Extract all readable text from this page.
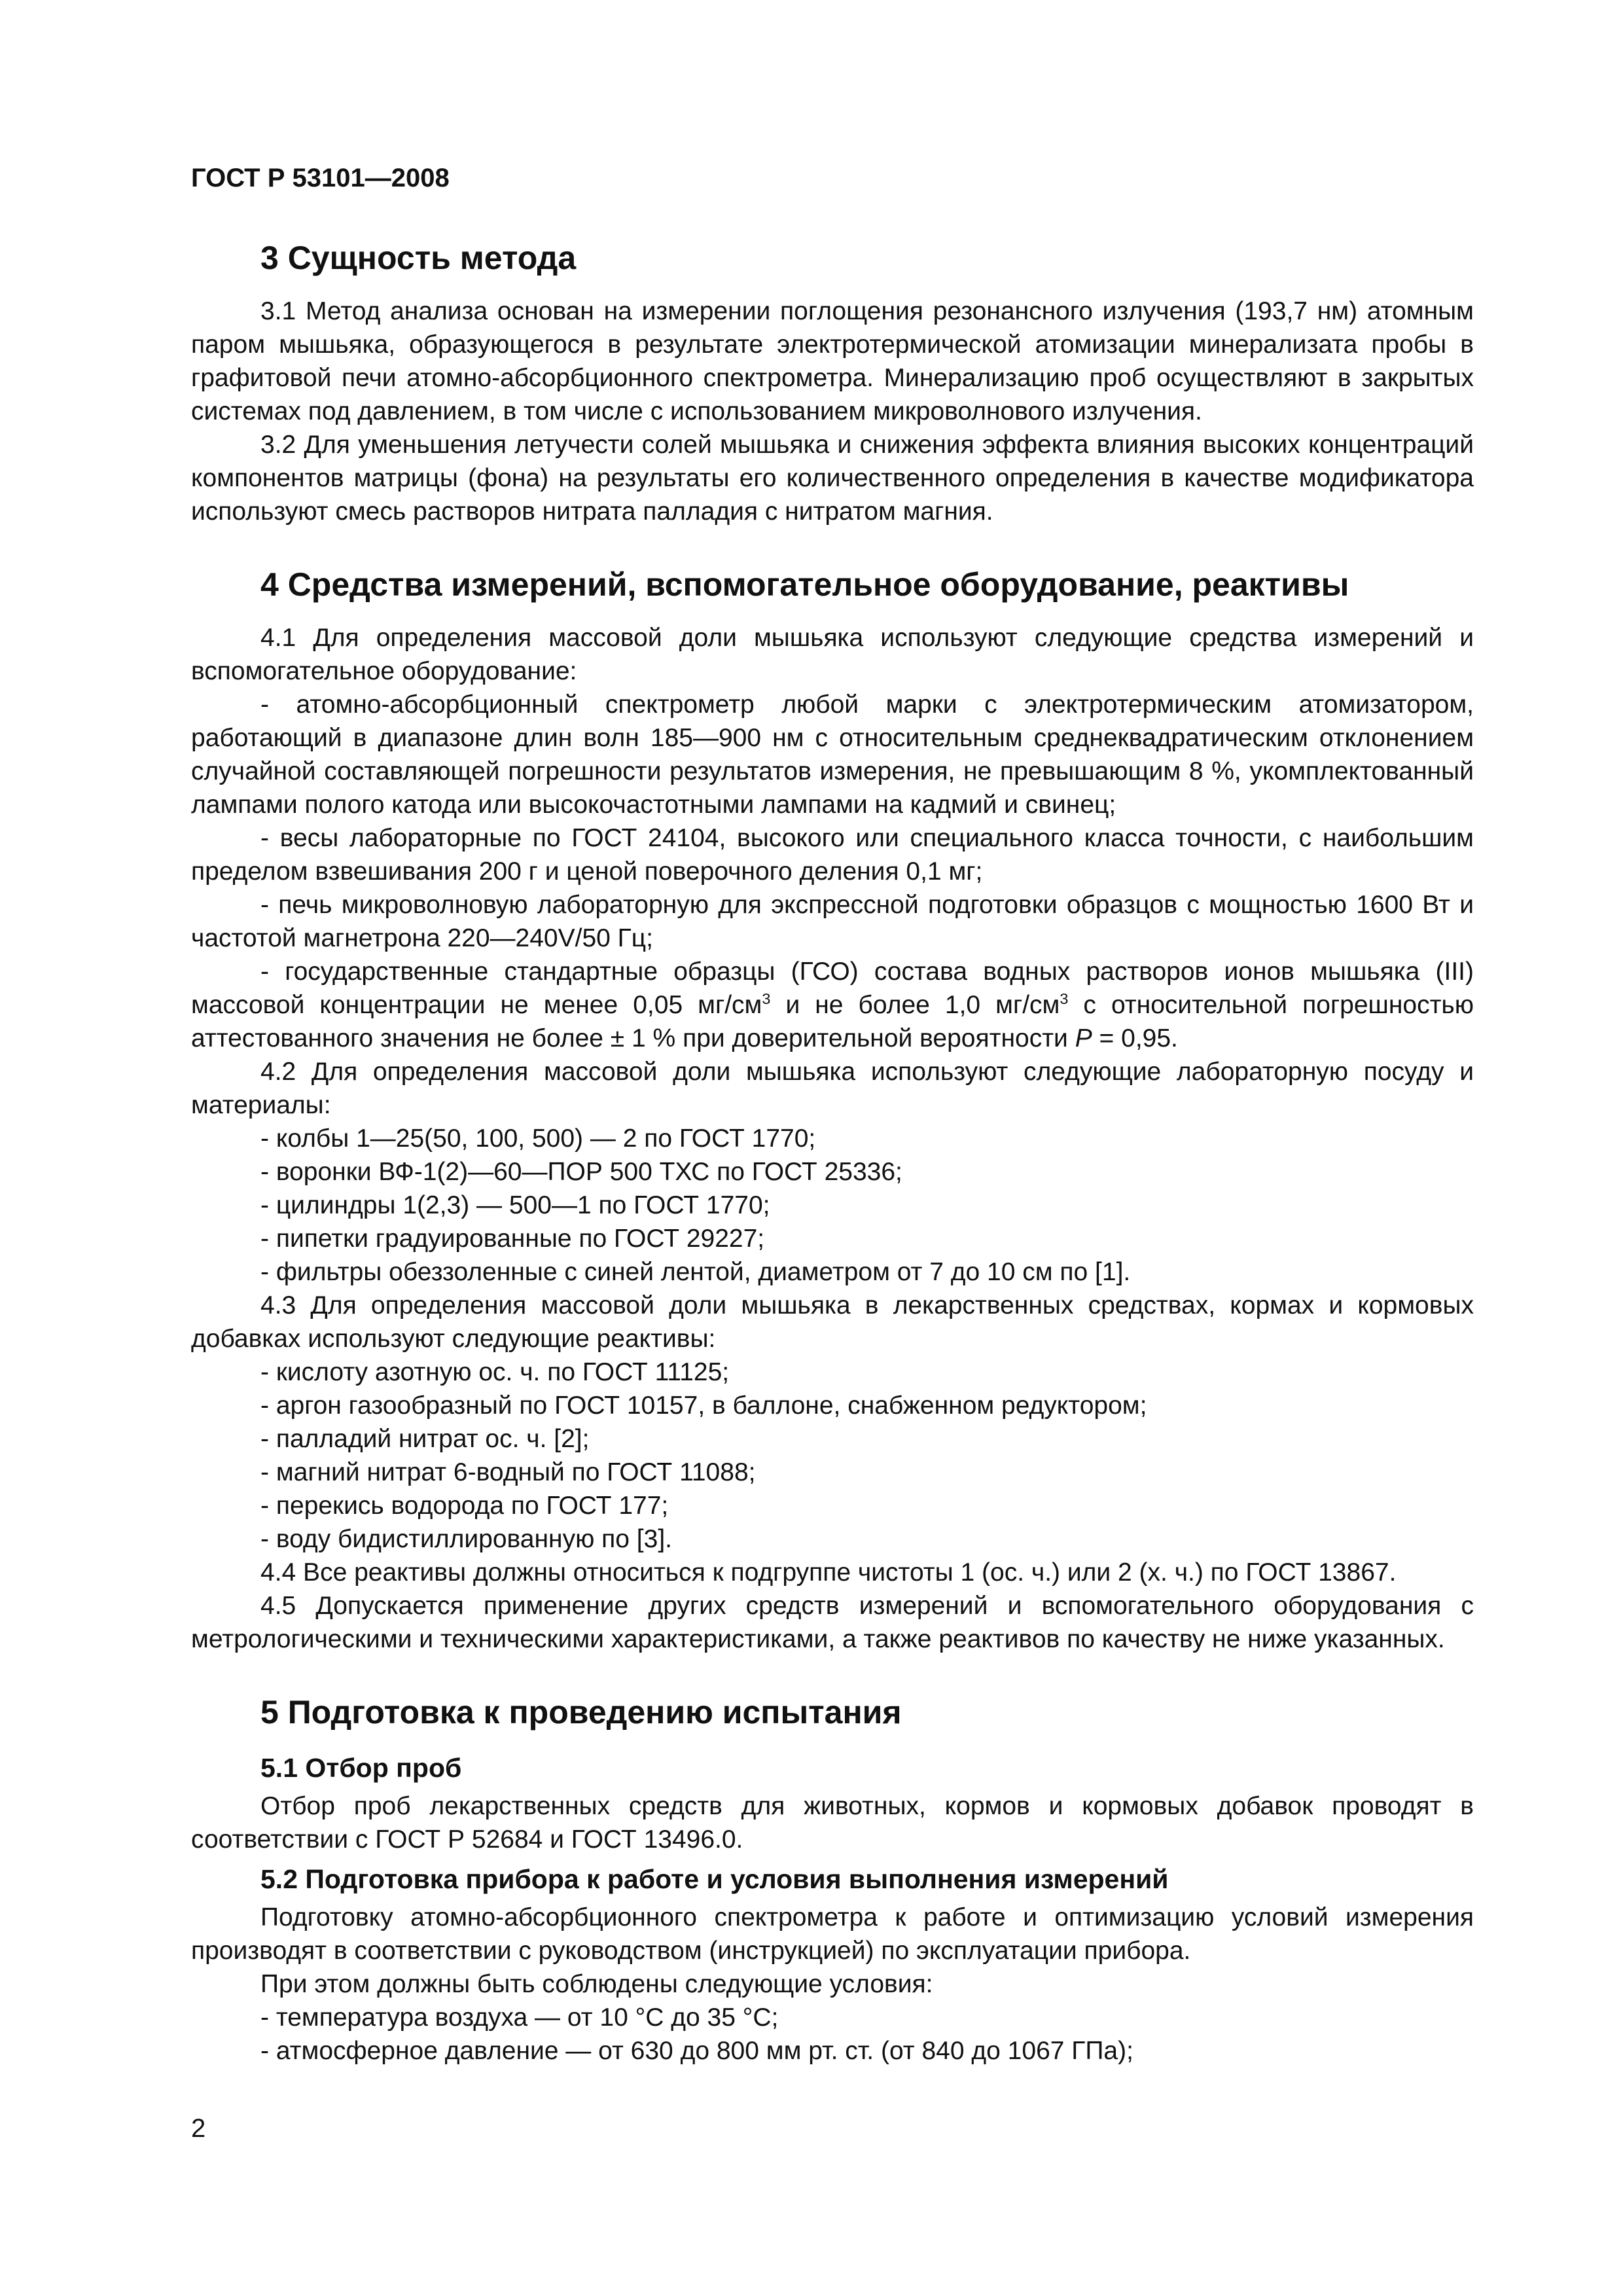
ГОСТ Р 53101—2008
3 Сущность метода

3.1 Метод анализа основан на измерении поглощения резонансного излучения (193,7 нм) атомным паром мышьяка, образующегося в результате электротермической атомизации минерализата пробы в графитовой печи атомно-абсорбционного спектрометра. Минерализацию проб осуществляют в закрытых системах под давлением, в том числе с использованием микроволнового излучения.

3.2 Для уменьшения летучести солей мышьяка и снижения эффекта влияния высоких концентраций компонентов матрицы (фона) на результаты его количественного определения в качестве модификатора используют смесь растворов нитрата палладия с нитратом магния.

4 Средства измерений, вспомогательное оборудование, реактивы

4.1 Для определения массовой доли мышьяка используют следующие средства измерений и вспомогательное оборудование:

- атомно-абсорбционный спектрометр любой марки с электротермическим атомизатором, работающий в диапазоне длин волн 185—900 нм с относительным среднеквадратическим отклонением случайной составляющей погрешности результатов измерения, не превышающим 8 %, укомплектованный лампами полого катода или высокочастотными лампами на кадмий и свинец;

- весы лабораторные по ГОСТ 24104, высокого или специального класса точности, с наибольшим пределом взвешивания 200 г и ценой поверочного деления 0,1 мг;

- печь микроволновую лабораторную для экспрессной подготовки образцов с мощностью 1600 Вт и частотой магнетрона 220—240V/50 Гц;

- государственные стандартные образцы (ГСО) состава водных растворов ионов мышьяка (III) массовой концентрации не менее 0,05 $мг/см^3$ и не более 1,0 $мг/см^3$ с относительной погрешностью аттестованного значения не более ± 1 % при доверительной вероятности P = 0,95.

4.2 Для определения массовой доли мышьяка используют следующие лабораторную посуду и материалы:

- колбы 1—25(50, 100, 500) — 2 по ГОСТ 1770;

- воронки ВФ-1(2)—60—ПОР 500 ТХС по ГОСТ 25336;

- цилиндры 1(2,3) — 500—1 по ГОСТ 1770;

- пипетки градуированные по ГОСТ 29227;

- фильтры обеззоленные с синей лентой, диаметром от 7 до 10 см по [1].

4.3 Для определения массовой доли мышьяка в лекарственных средствах, кормах и кормовых добавках используют следующие реактивы:

- кислоту азотную ос. ч. по ГОСТ 11125;

- аргон газообразный по ГОСТ 10157, в баллоне, снабженном редуктором;

- палладий нитрат ос. ч. [2];

- магний нитрат 6-водный по ГОСТ 11088;

- перекись водорода по ГОСТ 177;

- воду бидистиллированную по [3].

4.4 Все реактивы должны относиться к подгруппе чистоты 1 (ос. ч.) или 2 (х. ч.) по ГОСТ 13867.

4.5 Допускается применение других средств измерений и вспомогательного оборудования с метрологическими и техническими характеристиками, а также реактивов по качеству не ниже указанных.

5 Подготовка к проведению испытания
5.1 Отбор проб

Отбор проб лекарственных средств для животных, кормов и кормовых добавок проводят в соответствии с ГОСТ Р 52684 и ГОСТ 13496.0.

5.2 Подготовка прибора к работе и условия выполнения измерений

Подготовку атомно-абсорбционного спектрометра к работе и оптимизацию условий измерения производят в соответствии с руководством (инструкцией) по эксплуатации прибора.

При этом должны быть соблюдены следующие условия:

- температура воздуха — от 10 °С до 35 °С;

- атмосферное давление — от 630 до 800 мм рт. ст. (от 840 до 1067 ГПа);

2
